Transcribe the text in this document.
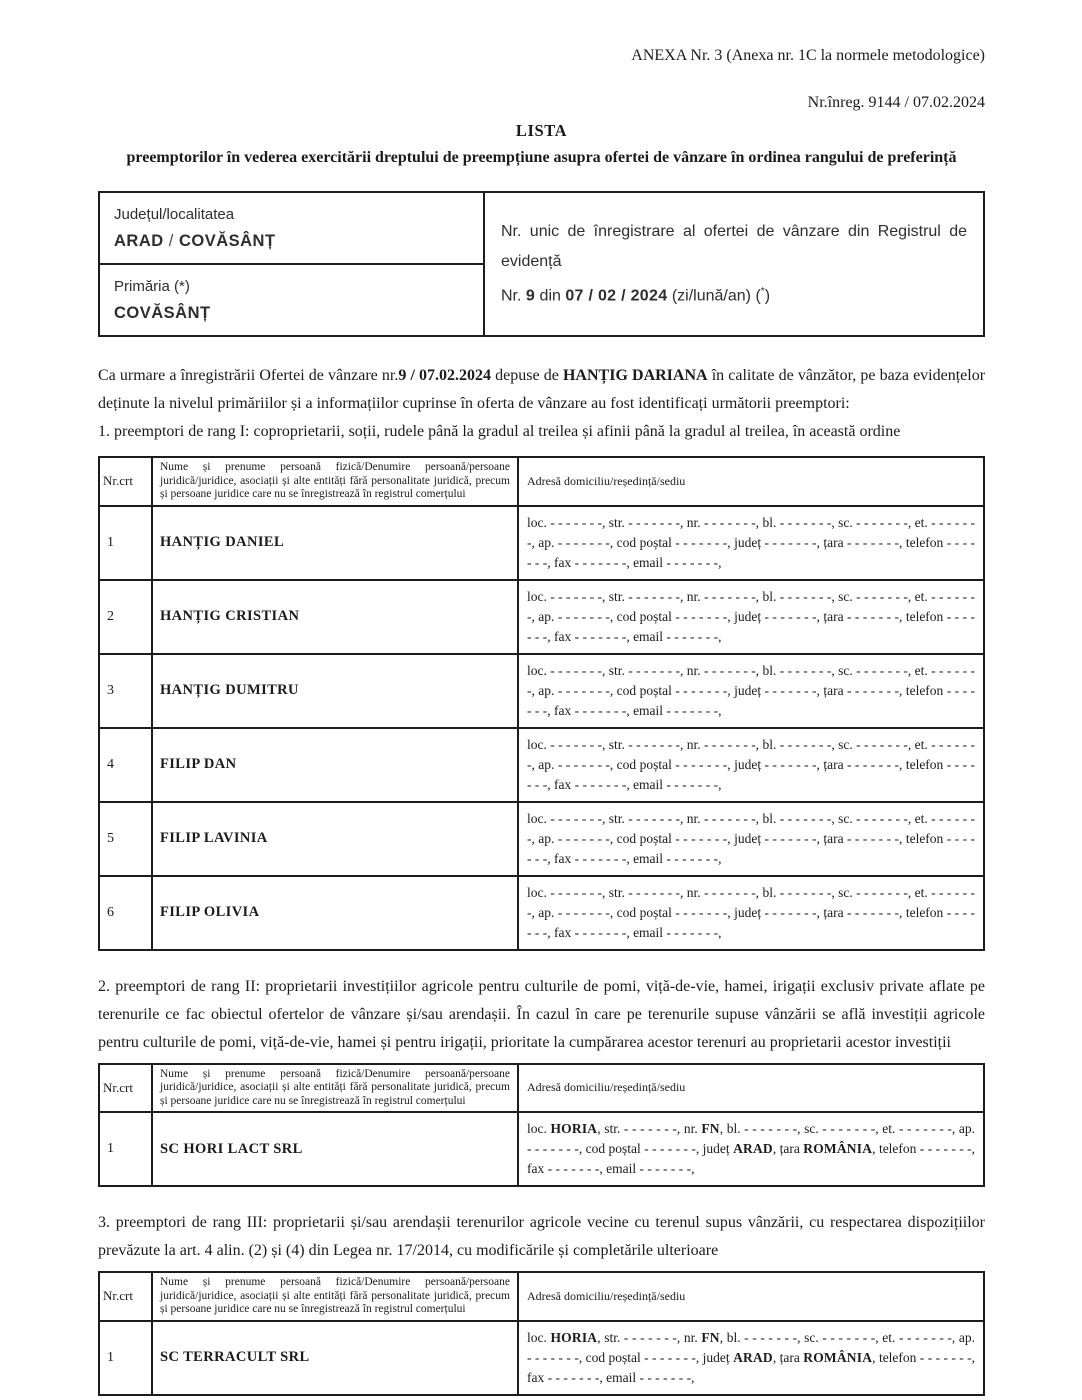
ANEXA Nr. 3 (Anexa nr. 1C la normele metodologice)
Nr.înreg. 9144 / 07.02.2024
LISTA
preemptorilor în vederea exercitării dreptului de preempțiune asupra ofertei de vânzare în ordinea rangului de preferință
Județul/localitatea
ARAD / COVĂSÂNȚ

Nr. unic de înregistrare al ofertei de vânzare din Registrul de evidență
Nr. 9 din 07 / 02 / 2024 (zi/lună/an) (*)

Primăria (*)
COVĂSÂNȚ

Ca urmare a înregistrării Ofertei de vânzare nr.9 / 07.02.2024 depuse de HANȚIG DARIANA în calitate de vânzător, pe baza evidențelor deținute la nivelul primăriilor și a informațiilor cuprinse în oferta de vânzare au fost identificați următorii preemptori:

1. preemptori de rang I: coproprietarii, soții, rudele până la gradul al treilea și afinii până la gradul al treilea, în această ordine

Nr.crt	Nume și prenume persoană fizică/Denumire persoană/persoane juridică/juridice, asociații și alte entități fără personalitate juridică, precum și persoane juridice care nu se înregistrează în registrul comerțului	Adresă domiciliu/reședință/sediu
1	HANȚIG DANIEL	loc. - - - - - - -, str. - - - - - - -, nr. - - - - - - -, bl. - - - - - - -, sc. - - - - - - -, et. - - - - - - -, ap. - - - - - - -, cod poștal - - - - - - -, județ - - - - - - -, țara - - - - - - -, telefon - - - - - - -, fax - - - - - - -, email - - - - - - -,
2	HANȚIG CRISTIAN	loc. - - - - - - -, str. - - - - - - -, nr. - - - - - - -, bl. - - - - - - -, sc. - - - - - - -, et. - - - - - - -, ap. - - - - - - -, cod poștal - - - - - - -, județ - - - - - - -, țara - - - - - - -, telefon - - - - - - -, fax - - - - - - -, email - - - - - - -,
3	HANȚIG DUMITRU	loc. - - - - - - -, str. - - - - - - -, nr. - - - - - - -, bl. - - - - - - -, sc. - - - - - - -, et. - - - - - - -, ap. - - - - - - -, cod poștal - - - - - - -, județ - - - - - - -, țara - - - - - - -, telefon - - - - - - -, fax - - - - - - -, email - - - - - - -,
4	FILIP DAN	loc. - - - - - - -, str. - - - - - - -, nr. - - - - - - -, bl. - - - - - - -, sc. - - - - - - -, et. - - - - - - -, ap. - - - - - - -, cod poștal - - - - - - -, județ - - - - - - -, țara - - - - - - -, telefon - - - - - - -, fax - - - - - - -, email - - - - - - -,
5	FILIP LAVINIA	loc. - - - - - - -, str. - - - - - - -, nr. - - - - - - -, bl. - - - - - - -, sc. - - - - - - -, et. - - - - - - -, ap. - - - - - - -, cod poștal - - - - - - -, județ - - - - - - -, țara - - - - - - -, telefon - - - - - - -, fax - - - - - - -, email - - - - - - -,
6	FILIP OLIVIA	loc. - - - - - - -, str. - - - - - - -, nr. - - - - - - -, bl. - - - - - - -, sc. - - - - - - -, et. - - - - - - -, ap. - - - - - - -, cod poștal - - - - - - -, județ - - - - - - -, țara - - - - - - -, telefon - - - - - - -, fax - - - - - - -, email - - - - - - -,

2. preemptori de rang II: proprietarii investițiilor agricole pentru culturile de pomi, viță-de-vie, hamei, irigații exclusiv private aflate pe terenurile ce fac obiectul ofertelor de vânzare și/sau arendașii. În cazul în care pe terenurile supuse vânzării se află investiții agricole pentru culturile de pomi, viță-de-vie, hamei și pentru irigații, prioritate la cumpărarea acestor terenuri au proprietarii acestor investiții

Nr.crt	Nume și prenume persoană fizică/Denumire persoană/persoane juridică/juridice, asociații și alte entități fără personalitate juridică, precum și persoane juridice care nu se înregistrează în registrul comerțului	Adresă domiciliu/reședință/sediu
1	SC HORI LACT SRL	loc. HORIA, str. - - - - - - -, nr. FN, bl. - - - - - - -, sc. - - - - - - -, et. - - - - - - -, ap. - - - - - - -, cod poștal - - - - - - -, județ ARAD, țara ROMÂNIA, telefon - - - - - - -, fax - - - - - - -, email - - - - - - -,

3. preemptori de rang III: proprietarii și/sau arendașii terenurilor agricole vecine cu terenul supus vânzării, cu respectarea dispozițiilor prevăzute la art. 4 alin. (2) și (4) din Legea nr. 17/2014, cu modificările și completările ulterioare

Nr.crt	Nume și prenume persoană fizică/Denumire persoană/persoane juridică/juridice, asociații și alte entități fără personalitate juridică, precum și persoane juridice care nu se înregistrează în registrul comerțului	Adresă domiciliu/reședință/sediu
1	SC TERRACULT SRL	loc. HORIA, str. - - - - - - -, nr. FN, bl. - - - - - - -, sc. - - - - - - -, et. - - - - - - -, ap. - - - - - - -, cod poștal - - - - - - -, județ ARAD, țara ROMÂNIA, telefon - - - - - - -, fax - - - - - - -, email - - - - - - -,
